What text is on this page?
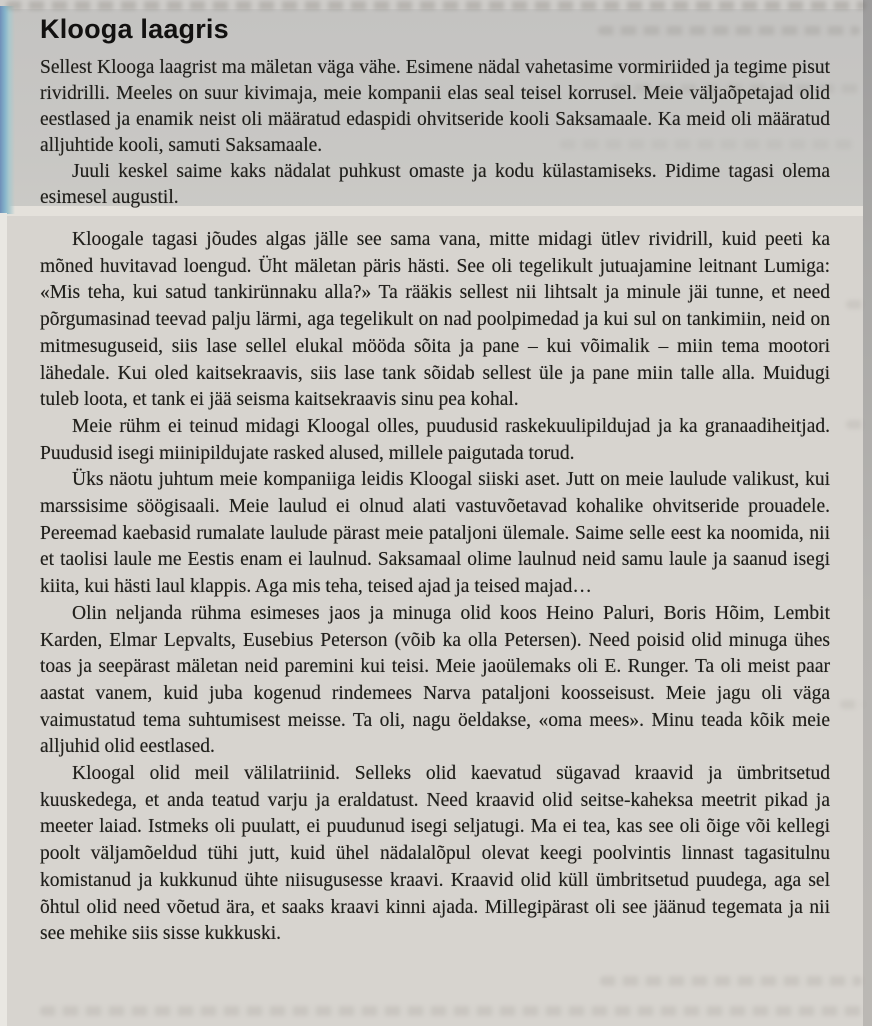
Klooga laagris

Sellest Klooga laagrist ma mäletan väga vähe. Esimene nädal vahetasime vormiriided ja tegime pisut rividrilli. Meeles on suur kivimaja, meie kompanii elas seal teisel korrusel. Meie väljaõpetajad olid eestlased ja enamik neist oli määratud edaspidi ohvitseride kooli Saksamaale. Ka meid oli määratud alljuhtide kooli, samuti Saksamaale.

Juuli keskel saime kaks nädalat puhkust omaste ja kodu külastamiseks. Pidime tagasi olema esimesel augustil.

Kloogale tagasi jõudes algas jälle see sama vana, mitte midagi ütlev rividrill, kuid peeti ka mõned huvitavad loengud. Üht mäletan päris hästi. See oli tegelikult jutuajamine leitnant Lumiga: «Mis teha, kui satud tankirünnaku alla?» Ta rääkis sellest nii lihtsalt ja minule jäi tunne, et need põrgumasinad teevad palju lärmi, aga tegelikult on nad poolpimedad ja kui sul on tankimiin, neid on mitmesuguseid, siis lase sellel elukal mööda sõita ja pane – kui võimalik – miin tema mootori lähedale. Kui oled kaitsekraavis, siis lase tank sõidab sellest üle ja pane miin talle alla. Muidugi tuleb loota, et tank ei jää seisma kaitsekraavis sinu pea kohal.

Meie rühm ei teinud midagi Kloogal olles, puudusid raskekuulipildujad ja ka granaadiheitjad. Puudusid isegi miinipildujate rasked alused, millele paigutada torud.

Üks näotu juhtum meie kompaniiga leidis Kloogal siiski aset. Jutt on meie laulude valikust, kui marssisime söögisaali. Meie laulud ei olnud alati vastuvõetavad kohalike ohvitseride prouadele. Pereemad kaebasid rumalate laulude pärast meie pataljoni ülemale. Saime selle eest ka noomida, nii et taolisi laule me Eestis enam ei laulnud. Saksamaal olime laulnud neid samu laule ja saanud isegi kiita, kui hästi laul klappis. Aga mis teha, teised ajad ja teised majad…

Olin neljanda rühma esimeses jaos ja minuga olid koos Heino Paluri, Boris Hõim, Lembit Karden, Elmar Lepvalts, Eusebius Peterson (võib ka olla Petersen). Need poisid olid minuga ühes toas ja seepärast mäletan neid paremini kui teisi. Meie jaoülemaks oli E. Runger. Ta oli meist paar aastat vanem, kuid juba kogenud rindemees Narva pataljoni koosseisust. Meie jagu oli väga vaimustatud tema suhtumisest meisse. Ta oli, nagu öeldakse, «oma mees». Minu teada kõik meie alljuhid olid eestlased.

Kloogal olid meil välilatriinid. Selleks olid kaevatud sügavad kraavid ja ümbritsetud kuuskedega, et anda teatud varju ja eraldatust. Need kraavid olid seitse-kaheksa meetrit pikad ja meeter laiad. Istmeks oli puulatt, ei puudunud isegi seljatugi. Ma ei tea, kas see oli õige või kellegi poolt väljamõeldud tühi jutt, kuid ühel nädalalõpul olevat keegi poolvintis linnast tagasitulnu komistanud ja kukkunud ühte niisugusesse kraavi. Kraavid olid küll ümbritsetud puudega, aga sel õhtul olid need võetud ära, et saaks kraavi kinni ajada. Millegipärast oli see jäänud tegemata ja nii see mehike siis sisse kukkuski.
